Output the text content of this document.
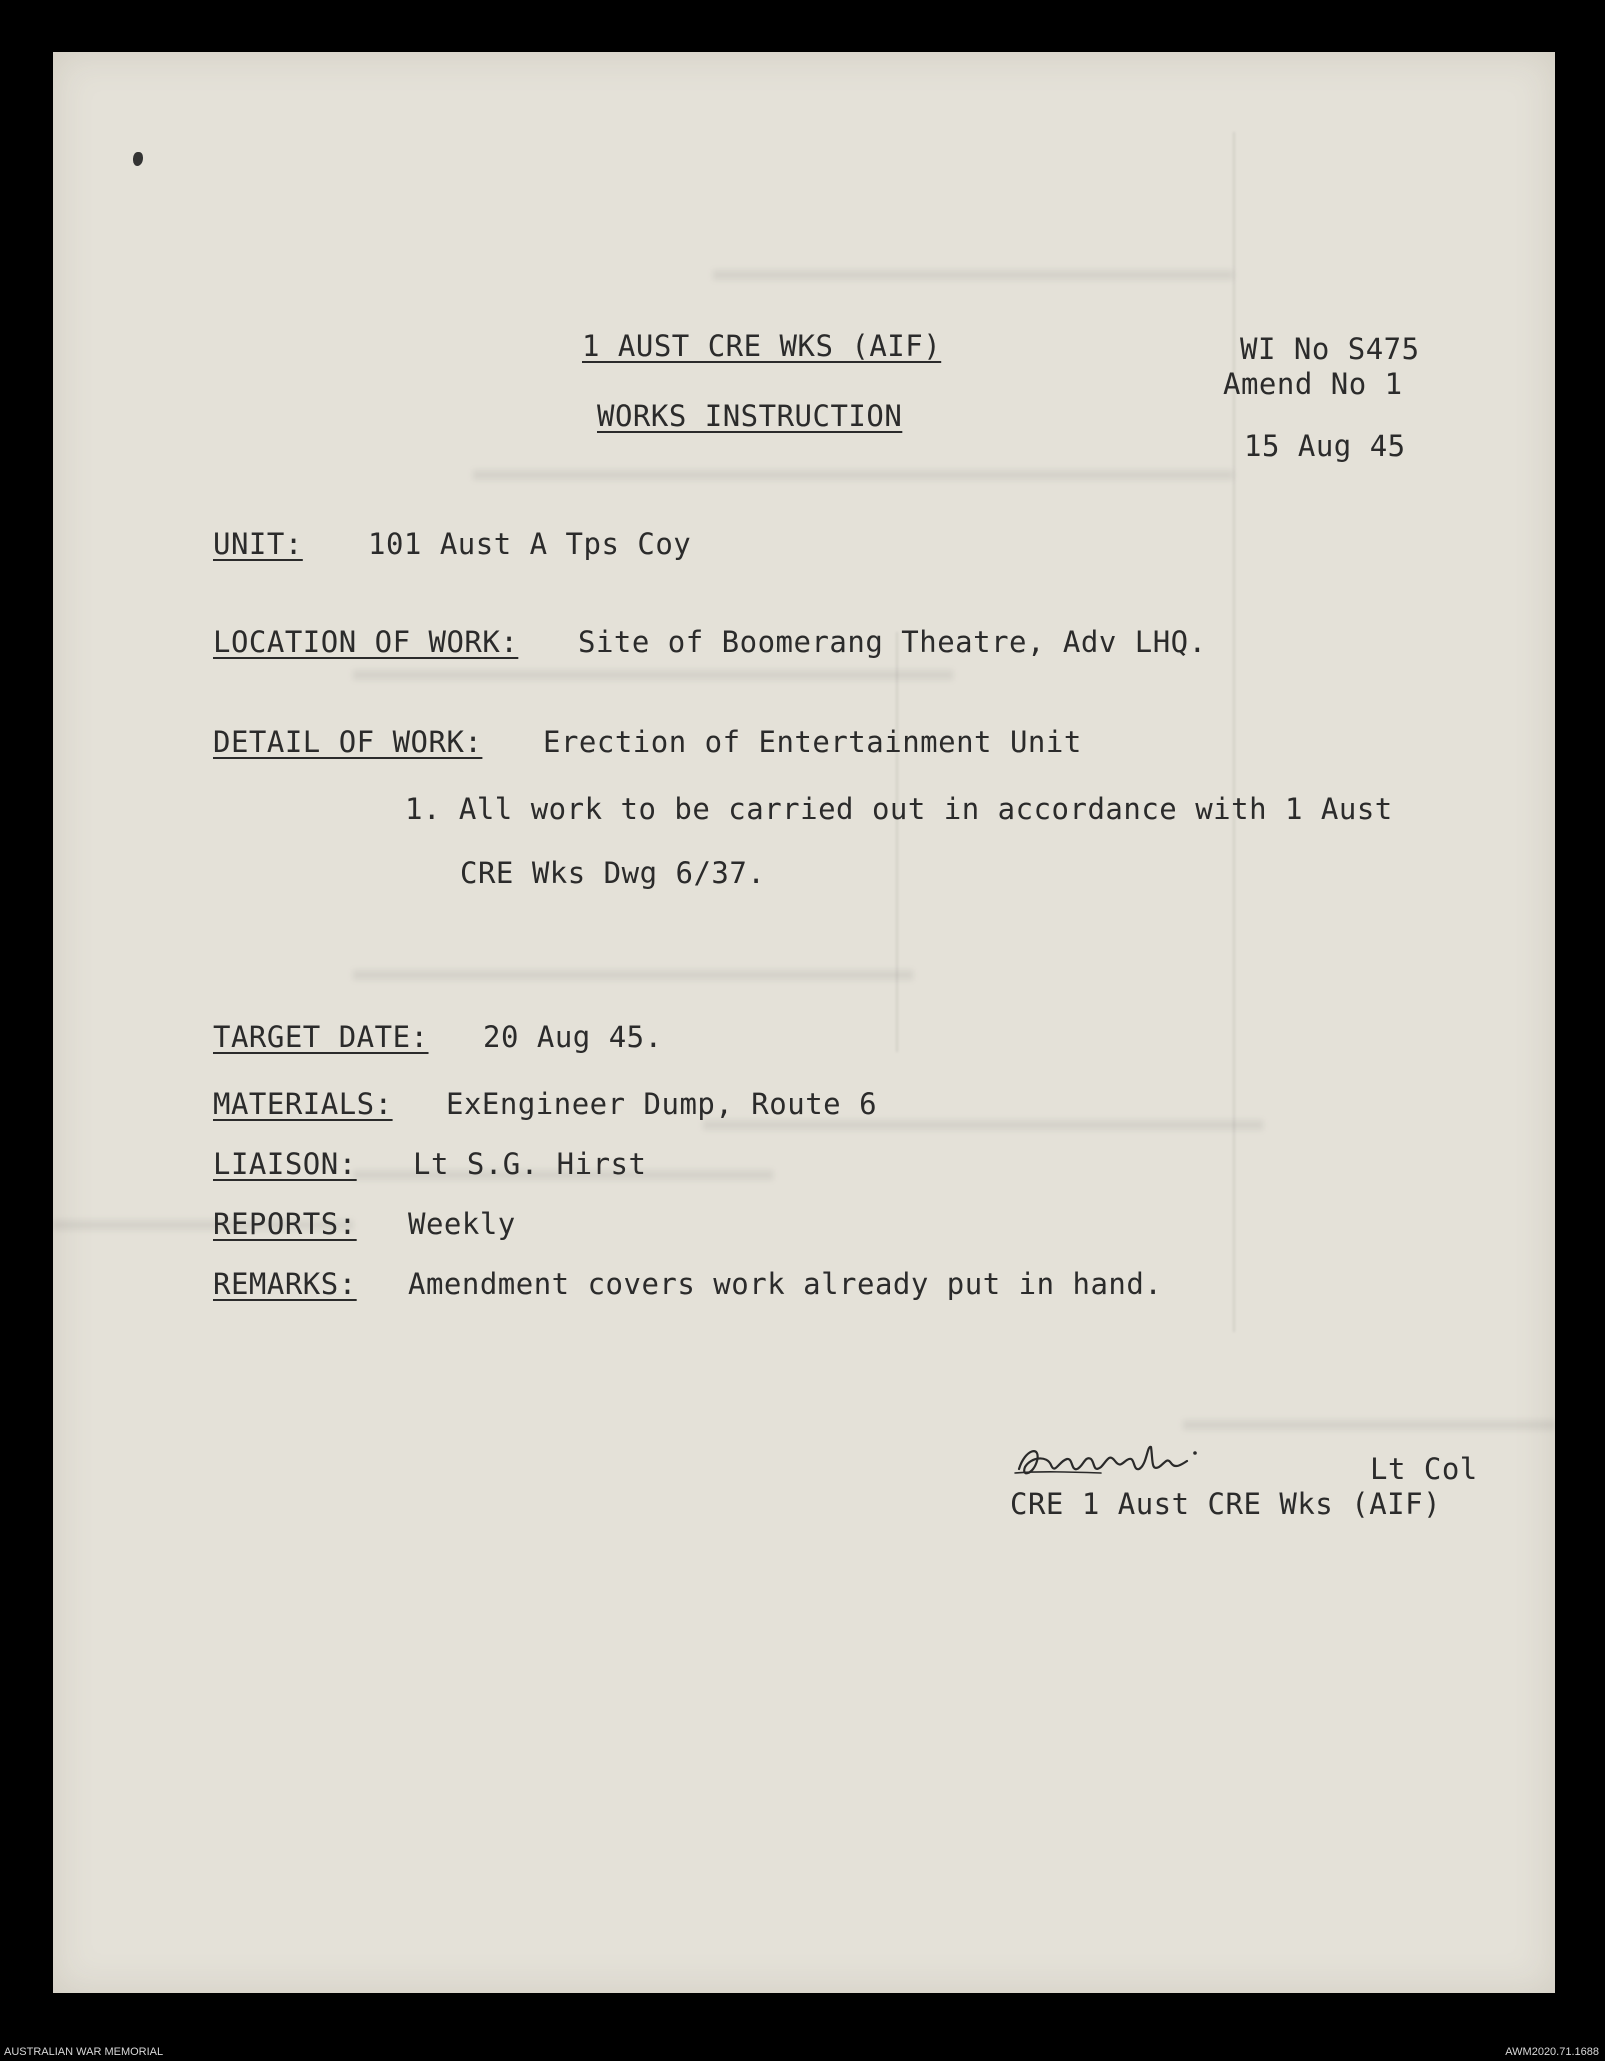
1 AUST CRE WKS (AIF)
WORKS INSTRUCTION
WI No S475
Amend No 1
15 Aug 45
UNIT: 101 Aust A Tps Coy
LOCATION OF WORK: Site of Boomerang Theatre, Adv LHQ.
DETAIL OF WORK: Erection of Entertainment Unit
1. All work to be carried out in accordance with 1 Aust
CRE Wks Dwg 6/37.
TARGET DATE: 20 Aug 45.
MATERIALS: ExEngineer Dump, Route 6
LIAISON: Lt S.G. Hirst
REPORTS: Weekly
REMARKS: Amendment covers work already put in hand.
Lt Col
CRE 1 Aust CRE Wks (AIF)
AUSTRALIAN WAR MEMORIAL	AWM2020.71.1688
